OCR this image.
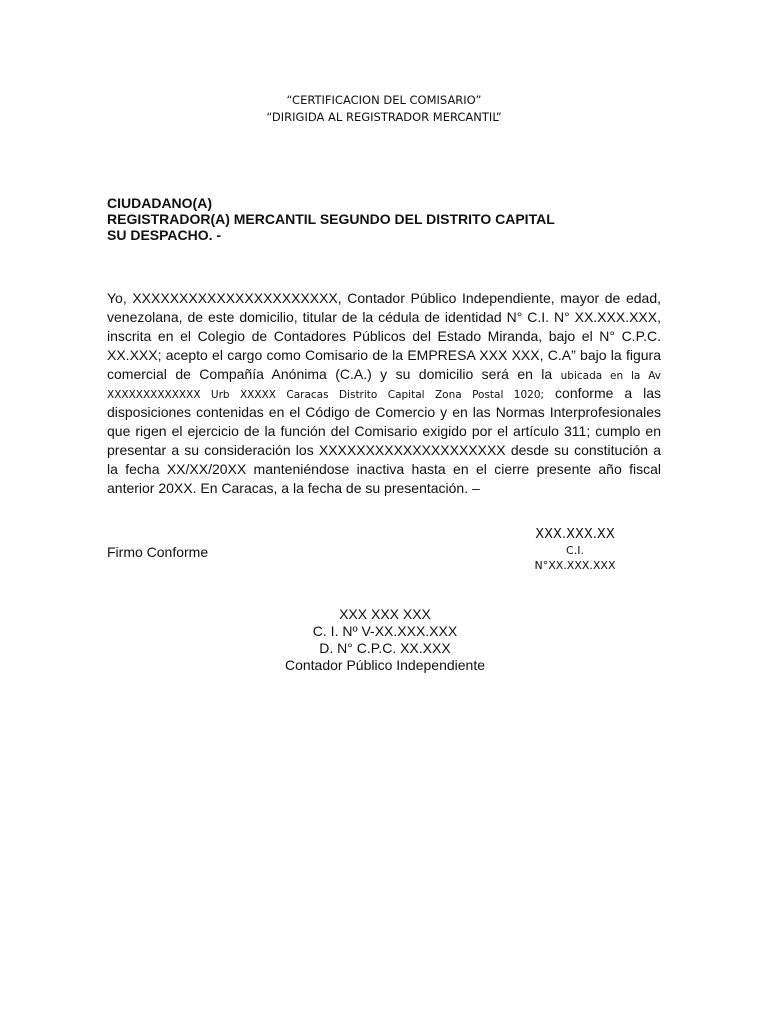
“CERTIFICACION DEL COMISARIO”
“DIRIGIDA AL REGISTRADOR MERCANTIL”
CIUDADANO(A)
REGISTRADOR(A) MERCANTIL SEGUNDO DEL DISTRITO CAPITAL
SU DESPACHO. -
Yo, XXXXXXXXXXXXXXXXXXXXXX, Contador Público Independiente, mayor de edad,
venezolana, de este domicilio, titular de la cédula de identidad N° C.I. N° XX.XXX.XXX,
inscrita en el Colegio de Contadores Públicos del Estado Miranda, bajo el N° C.P.C.
XX.XXX; acepto el cargo como Comisario de la EMPRESA XXX XXX, C.A” bajo la figura
comercial de Compañía Anónima (C.A.) y su domicilio será en la ubicada en la Av
XXXXXXXXXXXXX Urb XXXXX Caracas Distrito Capital Zona Postal 1020; conforme a las
disposiciones contenidas en el Código de Comercio y en las Normas Interprofesionales
que rigen el ejercicio de la función del Comisario exigido por el artículo 311; cumplo en
presentar a su consideración los XXXXXXXXXXXXXXXXXXXX desde su constitución a
la fecha XX/XX/20XX manteniéndose inactiva hasta en el cierre presente año fiscal
anterior 20XX. En Caracas, a la fecha de su presentación. –
Firmo Conforme
XXX.XXX.XX
C.I.
N°XX.XXX.XXX
XXX XXX XXX
C. I. Nº V-XX.XXX.XXX
D. N° C.P.C. XX.XXX
Contador Público Independiente
